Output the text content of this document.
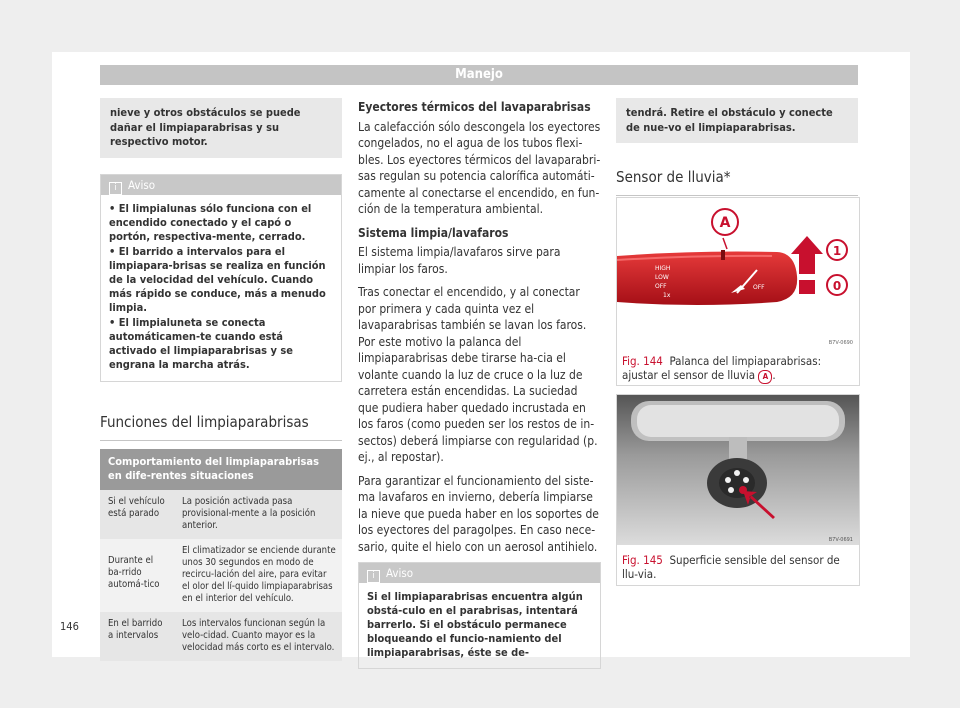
Manejo
nieve y otros obstáculos se puede dañar el limpiaparabrisas y su respectivo motor.
i Aviso

• El limpialunas sólo funciona con el encendido conectado y el capó o portón, respectiva-mente, cerrado.

• El barrido a intervalos para el limpiapara-brisas se realiza en función de la velocidad del vehículo. Cuando más rápido se conduce, más a menudo limpia.

• El limpialuneta se conecta automáticamen-te cuando está activado el limpiaparabrisas y se engrana la marcha atrás.

Funciones del limpiaparabrisas
Comportamiento del limpiaparabrisas en dife-rentes situaciones	
Si el vehículo está parado	La posición activada pasa provisional-mente a la posición anterior.
Durante el ba-rrido automá-tico	El climatizador se enciende durante unos 30 segundos en modo de recircu-lación del aire, para evitar el olor del lí-quido limpiaparabrisas en el interior del vehículo.
En el barrido a intervalos	Los intervalos funcionan según la velo-cidad. Cuanto mayor es la velocidad más corto es el intervalo.

Eyectores térmicos del lavaparabrisas

La calefacción sólo descongela los eyectores congelados, no el agua de los tubos flexi-bles. Los eyectores térmicos del lavaparabri-sas regulan su potencia calorífica automáti-camente al conectarse el encendido, en fun-ción de la temperatura ambiental.

Sistema limpia/lavafaros

El sistema limpia/lavafaros sirve para limpiar los faros.

Tras conectar el encendido, y al conectar por primera y cada quinta vez el lavaparabrisas también se lavan los faros. Por este motivo la palanca del limpiaparabrisas debe tirarse ha-cia el volante cuando la luz de cruce o la luz de carretera están encendidas. La suciedad que pudiera haber quedado incrustada en los faros (como pueden ser los restos de in-sectos) deberá limpiarse con regularidad (p. ej., al repostar).

Para garantizar el funcionamiento del siste-ma lavafaros en invierno, debería limpiarse la nieve que pueda haber en los soportes de los eyectores del paragolpes. En caso nece-sario, quite el hielo con un aerosol antihielo.

i Aviso
Si el limpiaparabrisas encuentra algún obstá-culo en el parabrisas, intentará barrerlo. Si el obstáculo permanece bloqueando el funcio-namiento del limpiaparabrisas, éste se de-
tendrá. Retire el obstáculo y conecte de nue-vo el limpiaparabrisas.
Sensor de lluvia*
HIGH
LOW
OFF
1x
OFF
A
1
0
B7V-0690
Fig. 144 Palanca del limpiaparabrisas: ajustar el sensor de lluvia A .
B7V-0691
Fig. 145 Superficie sensible del sensor de llu-via.
146
